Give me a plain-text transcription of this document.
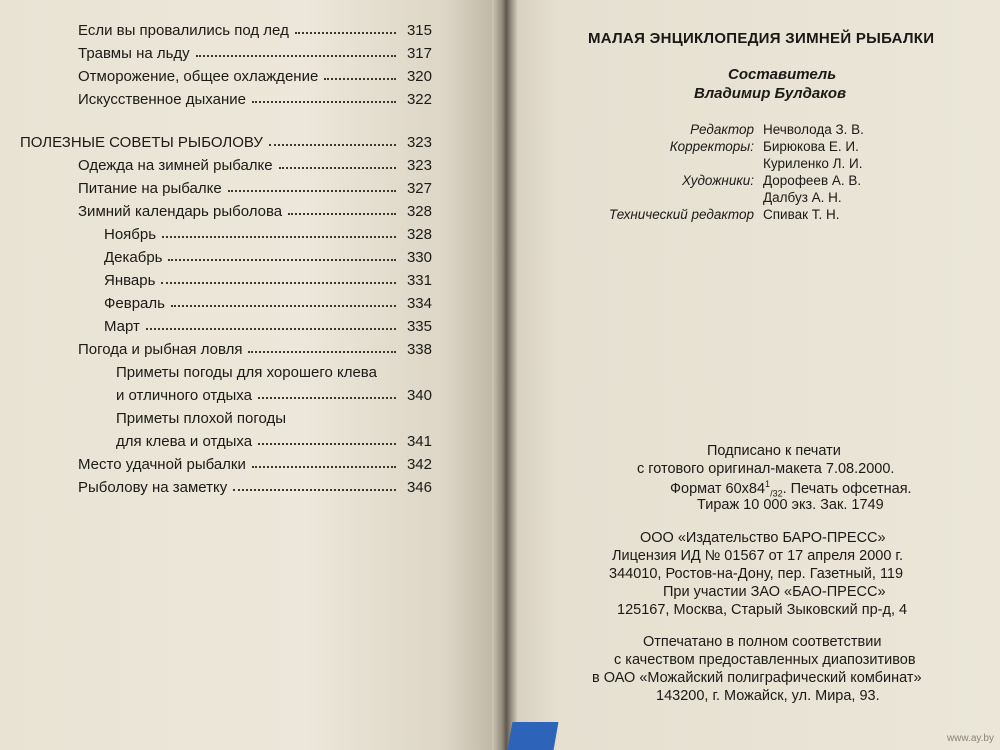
Если вы провалились под лед	315
Травмы на льду	317
Отморожение, общее охлаждение	320
Искусственное дыхание	322
ПОЛЕЗНЫЕ СОВЕТЫ РЫБОЛОВУ	323
Одежда на зимней рыбалке	323
Питание на рыбалке	327
Зимний календарь рыболова	328
Ноябрь	328
Декабрь	330
Январь	331
Февраль	334
Март	335
Погода и рыбная ловля	338
Приметы погоды для хорошего клева
и отличного отдыха	340
Приметы плохой погоды
для клева и отдыха	341
Место удачной рыбалки	342
Рыболову на заметку	346
МАЛАЯ ЭНЦИКЛОПЕДИЯ ЗИМНЕЙ РЫБАЛКИ
Составитель
Владимир Булдаков
Редактор Нечволода З. В.
Корректоры: Бирюкова Е. И.
Куриленко Л. И.
Художники: Дорофеев А. В.
Далбуз А. Н.
Технический редактор Спивак Т. Н.
Подписано к печати
с готового оригинал-макета 7.08.2000.
Формат $60x84^1_{/32}$. Печать офсетная.
Тираж 10 000 экз. Зак. 1749
ООО «Издательство БАРО-ПРЕСС»
Лицензия ИД № 01567 от 17 апреля 2000 г.
344010, Ростов-на-Дону, пер. Газетный, 119
При участии ЗАО «БАО-ПРЕСС»
125167, Москва, Старый Зыковский пр-д, 4
Отпечатано в полном соответствии
с качеством предоставленных диапозитивов
в ОАО «Можайский полиграфический комбинат»
143200, г. Можайск, ул. Мира, 93.
www.ay.by
